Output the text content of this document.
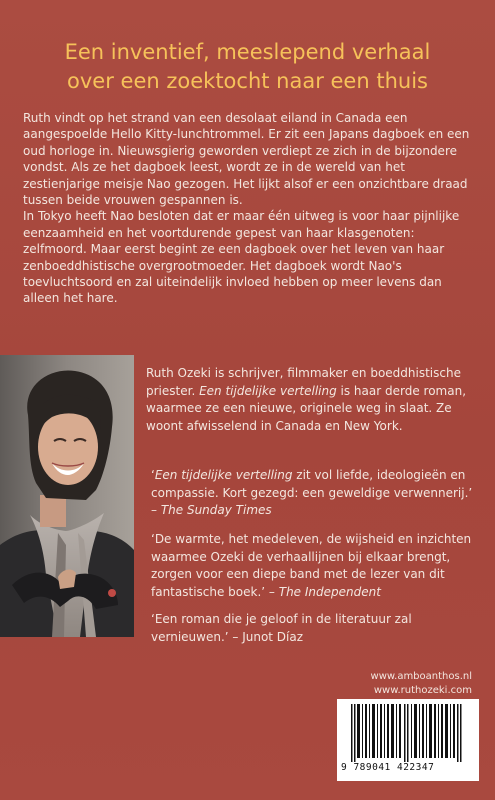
Een inventief, meeslepend verhaal
over een zoektocht naar een thuis

Ruth vindt op het strand van een desolaat eiland in Canada een aangespoelde Hello Kitty-lunchtrommel. Er zit een Japans dagboek en een oud horloge in. Nieuwsgierig geworden verdiept ze zich in de bijzondere vondst. Als ze het dagboek leest, wordt ze in de wereld van het zestienjarige meisje Nao gezogen. Het lijkt alsof er een onzichtbare draad tussen beide vrouwen gespannen is.

In Tokyo heeft Nao besloten dat er maar één uitweg is voor haar pijnlijke eenzaamheid en het voortdurende gepest van haar klasgenoten: zelfmoord. Maar eerst begint ze een dagboek over het leven van haar zenboeddhistische overgrootmoeder. Het dagboek wordt Nao's toevluchtsoord en zal uiteindelijk invloed hebben op meer levens dan alleen het hare.

Ruth Ozeki is schrijver, filmmaker en boeddhistische priester. Een tijdelijke vertelling is haar derde roman, waarmee ze een nieuwe, originele weg in slaat. Ze woont afwisselend in Canada en New York.

‘Een tijdelijke vertelling zit vol liefde, ideologieën en compassie. Kort gezegd: een geweldige verwennerij.’
– The Sunday Times

‘De warmte, het medeleven, de wijsheid en inzichten waarmee Ozeki de verhaallijnen bij elkaar brengt, zorgen voor een diepe band met de lezer van dit fantastische boek.’ – The Independent

‘Een roman die je geloof in de literatuur zal vernieuwen.’ – Junot Díaz

www.amboanthos.nl
www.ruthozeki.com
9 789041 422347
